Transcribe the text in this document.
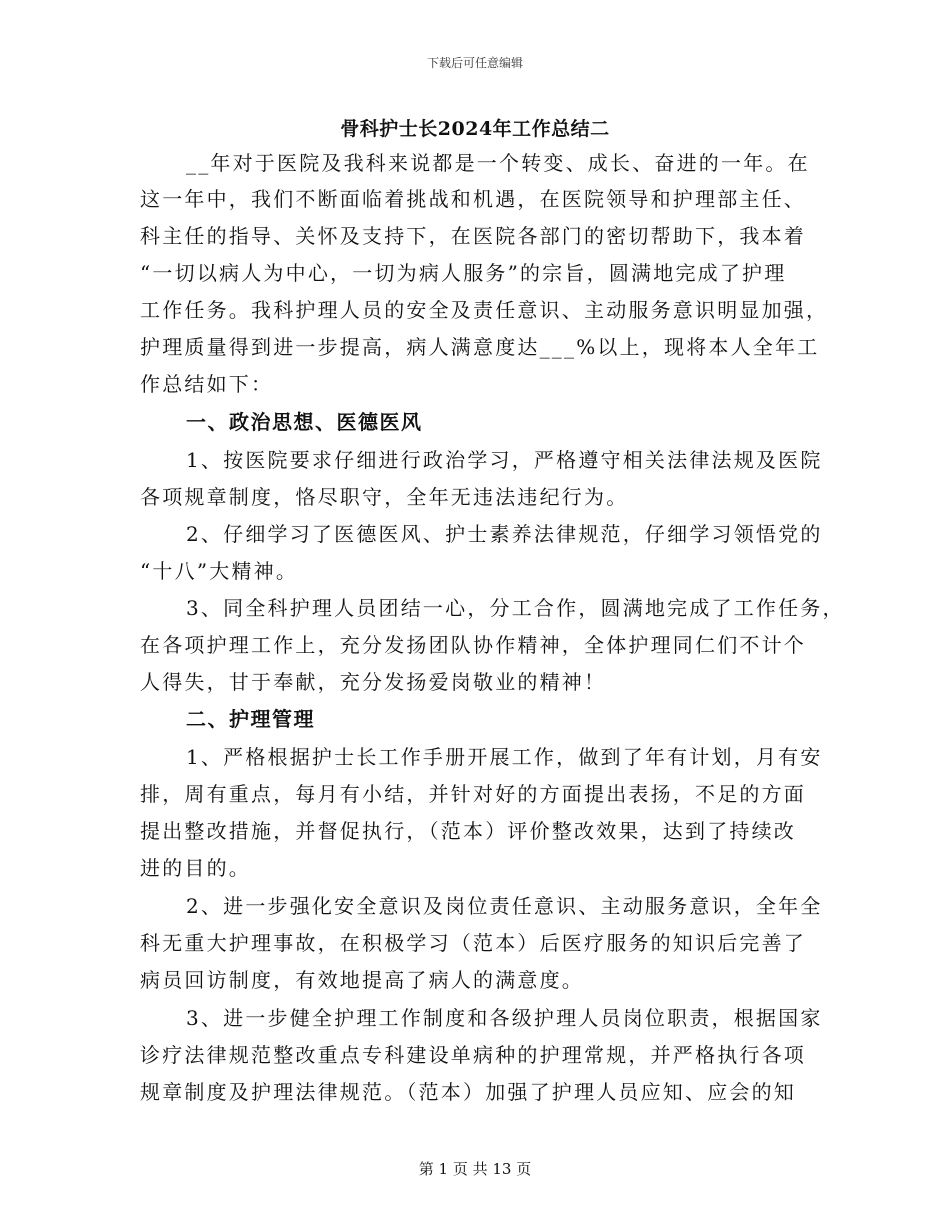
下载后可任意编辑
骨科护士长2024年工作总结二
__年对于医院及我科来说都是一个转变、成长、奋进的一年。在
这一年中，我们不断面临着挑战和机遇，在医院领导和护理部主任、
科主任的指导、关怀及支持下，在医院各部门的密切帮助下，我本着
“一切以病人为中心，一切为病人服务”的宗旨，圆满地完成了护理
工作任务。我科护理人员的安全及责任意识、主动服务意识明显加强，
护理质量得到进一步提高，病人满意度达___%以上，现将本人全年工
作总结如下：
一、政治思想、医德医风
1、按医院要求仔细进行政治学习，严格遵守相关法律法规及医院
各项规章制度，恪尽职守，全年无违法违纪行为。
2、仔细学习了医德医风、护士素养法律规范，仔细学习领悟党的
“十八”大精神。
3、同全科护理人员团结一心，分工合作，圆满地完成了工作任务，
在各项护理工作上，充分发扬团队协作精神，全体护理同仁们不计个
人得失，甘于奉献，充分发扬爱岗敬业的精神！
二、护理管理
1、严格根据护士长工作手册开展工作，做到了年有计划，月有安
排，周有重点，每月有小结，并针对好的方面提出表扬，不足的方面
提出整改措施，并督促执行，（范本）评价整改效果，达到了持续改
进的目的。
2、进一步强化安全意识及岗位责任意识、主动服务意识，全年全
科无重大护理事故，在积极学习（范本）后医疗服务的知识后完善了
病员回访制度，有效地提高了病人的满意度。
3、进一步健全护理工作制度和各级护理人员岗位职责，根据国家
诊疗法律规范整改重点专科建设单病种的护理常规，并严格执行各项
规章制度及护理法律规范。（范本）加强了护理人员应知、应会的知
第 1 页 共 13 页
